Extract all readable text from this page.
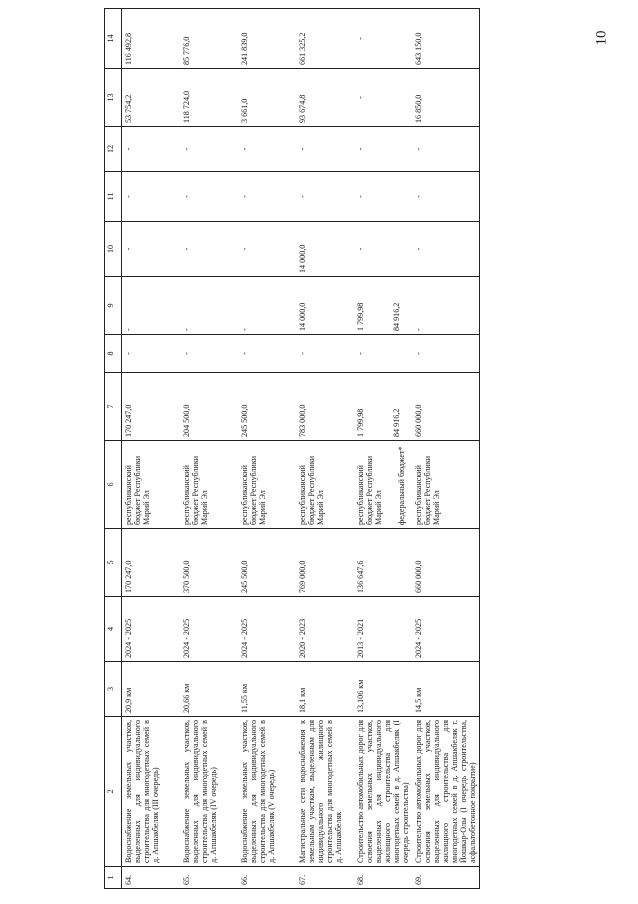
10
1	2	3	4	5	6	7	8	9	10	11	12	13	14
64.	Водоснабжение земельных участков, выделенных для индивидуального строительства для многодетных семей в д. Апшакбеляк (III очередь)	20,9 км	2024 - 2025	170 247,0	республиканский бюджет Республики Марий Эл	170 247,0	-	-	-	-	-	53 754,2	116 492,8
65.	Водоснабжение земельных участков, выделенных для индивидуального строительства для многодетных семей в д. Апшакбеляк (IV очередь)	20,66 км	2024 - 2025	370 500,0	республиканский бюджет Республики Марий Эл	204 500,0	-	-	-	-	-	118 724,0	85 776,0
66.	Водоснабжение земельных участков, выделенных для индивидуального строительства для многодетных семей в д. Апшакбеляк (V очередь)	11,55 км	2024 - 2025	245 500,0	республиканский бюджет Республики Марий Эл	245 500,0	-	-	-	-	-	3 661,0	241 839,0
67.	Магистральные сети водоснабжения к земельным участкам, выделенным для индивидуального жилищного строительства для многодетных семей в д. Апшакбеляк	18,1 км	2020 - 2023	769 000,0	республиканский бюджет Республики Марий Эл	783 000,0	-	14 000,0	14 000,0	-	-	93 674,8	661 325,2
68.	Строительство автомобильных дорог для освоения земельных участков, выделенных для индивидуального жилищного строительства для многодетных семей в д. Апшакбеляк (I очередь строительства)	13,106 км	2013 - 2021	136 647,6	республиканский бюджет Республики Марий Эл федеральный бюджет*	1 799,98 84 916,2	-	1 799,98 84 916,2	-	-	-	-	-
69.	Строительство автомобильных дорог для освоения земельных участков, выделенных для индивидуального жилищного строительства для многодетных семей в д. Апшакбеляк г. Йошкар-Олы (I очередь строительства, асфальтобетонное покрытие)	14,5 км	2024 - 2025	660 000,0	республиканский бюджет Республики Марий Эл	660 000,0	-	-	-	-	-	16 850,0	643 150,0
